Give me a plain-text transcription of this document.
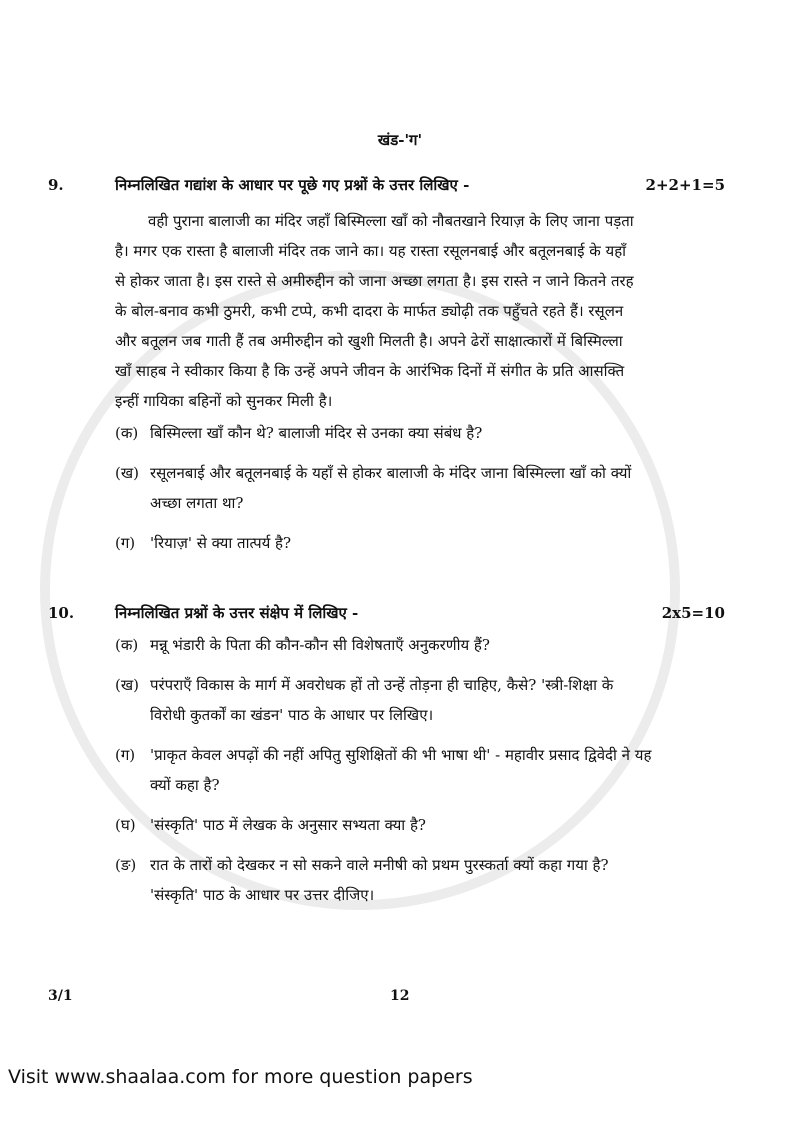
खंड-'ग'
9.	निम्नलिखित गद्यांश के आधार पर पूछे गए प्रश्नों के उत्तर लिखिए -	2+2+1=5
वही पुराना बालाजी का मंदिर जहाँ बिस्मिल्ला खाँ को नौबतखाने रियाज़ के लिए जाना पड़ता
है। मगर एक रास्ता है बालाजी मंदिर तक जाने का। यह रास्ता रसूलनबाई और बतूलनबाई के यहाँ
से होकर जाता है। इस रास्ते से अमीरुद्दीन को जाना अच्छा लगता है। इस रास्ते न जाने कितने तरह
के बोल-बनाव कभी ठुमरी, कभी टप्पे, कभी दादरा के मार्फत ड्योढ़ी तक पहुँचते रहते हैं। रसूलन
और बतूलन जब गाती हैं तब अमीरुद्दीन को खुशी मिलती है। अपने ढेरों साक्षात्कारों में बिस्मिल्ला
खाँ साहब ने स्वीकार किया है कि उन्हें अपने जीवन के आरंभिक दिनों में संगीत के प्रति आसक्ति
इन्हीं गायिका बहिनों को सुनकर मिली है।
(क) बिस्मिल्ला खाँ कौन थे? बालाजी मंदिर से उनका क्या संबंध है?
(ख) रसूलनबाई और बतूलनबाई के यहाँ से होकर बालाजी के मंदिर जाना बिस्मिल्ला खाँ को क्यों
अच्छा लगता था?
(ग) 'रियाज़' से क्या तात्पर्य है?
10.	निम्नलिखित प्रश्नों के उत्तर संक्षेप में लिखिए -	2x5=10
(क) मन्नू भंडारी के पिता की कौन-कौन सी विशेषताएँ अनुकरणीय हैं?
(ख) परंपराएँ विकास के मार्ग में अवरोधक हों तो उन्हें तोड़ना ही चाहिए, कैसे? 'स्त्री-शिक्षा के
विरोधी कुतर्कों का खंडन' पाठ के आधार पर लिखिए।
(ग) 'प्राकृत केवल अपढ़ों की नहीं अपितु सुशिक्षितों की भी भाषा थी' - महावीर प्रसाद द्विवेदी ने यह
क्यों कहा है?
(घ) 'संस्कृति' पाठ में लेखक के अनुसार सभ्यता क्या है?
(ङ) रात के तारों को देखकर न सो सकने वाले मनीषी को प्रथम पुरस्कर्ता क्यों कहा गया है?
'संस्कृति' पाठ के आधार पर उत्तर दीजिए।
3/1	12
Visit www.shaalaa.com for more question papers
